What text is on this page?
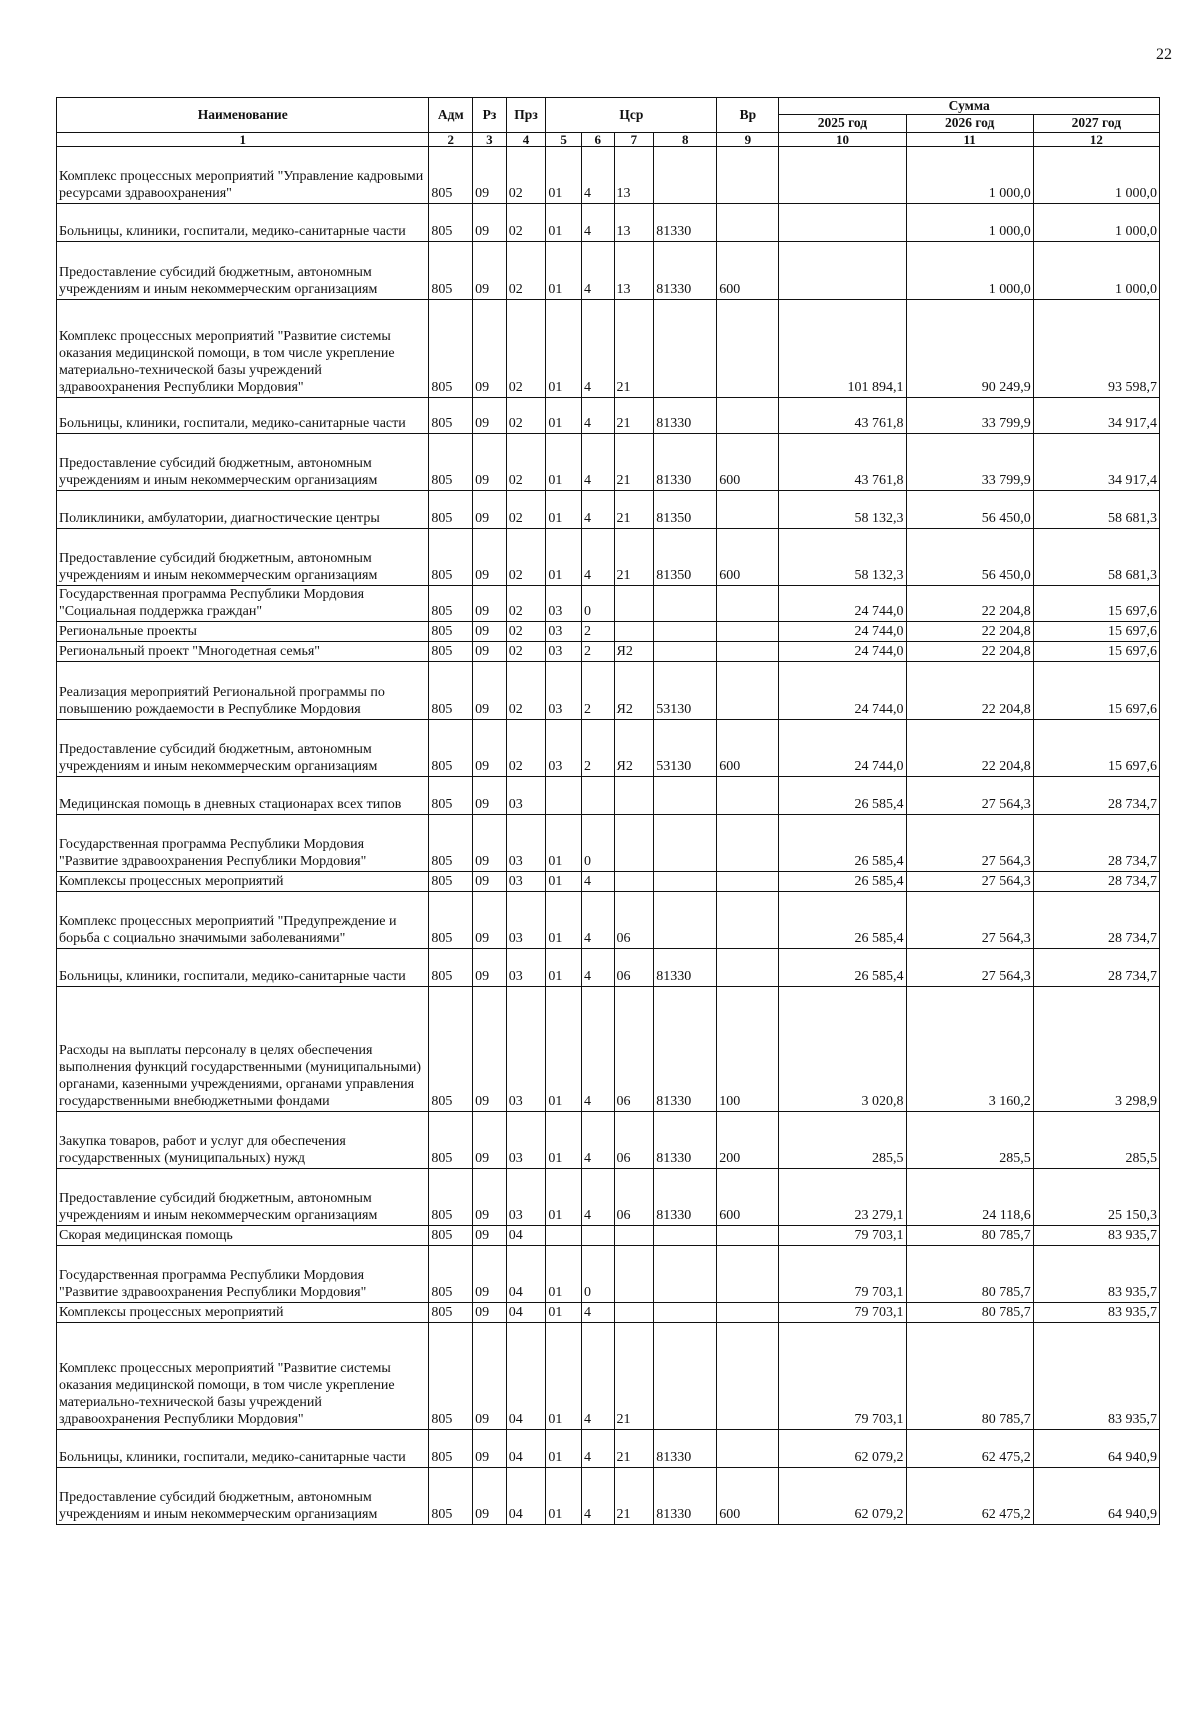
22
Наименование	Адм	Рз	Прз	Цср				Вр	Сумма		
									2025 год	2026 год	2027 год
1	2	3	4	5	6	7	8	9	10	11	12
Комплекс процессных мероприятий "Управление кадровыми ресурсами здравоохранения"	805	09	02	01	4	13				1 000,0	1 000,0
Больницы, клиники, госпитали, медико-санитарные части	805	09	02	01	4	13	81330			1 000,0	1 000,0
Предоставление субсидий бюджетным, автономным учреждениям и иным некоммерческим организациям	805	09	02	01	4	13	81330	600		1 000,0	1 000,0
Комплекс процессных мероприятий "Развитие системы оказания медицинской помощи, в том числе укрепление материально-технической базы учреждений здравоохранения Республики Мордовия"	805	09	02	01	4	21			101 894,1	90 249,9	93 598,7
Больницы, клиники, госпитали, медико-санитарные части	805	09	02	01	4	21	81330		43 761,8	33 799,9	34 917,4
Предоставление субсидий бюджетным, автономным учреждениям и иным некоммерческим организациям	805	09	02	01	4	21	81330	600	43 761,8	33 799,9	34 917,4
Поликлиники, амбулатории, диагностические центры	805	09	02	01	4	21	81350		58 132,3	56 450,0	58 681,3
Предоставление субсидий бюджетным, автономным учреждениям и иным некоммерческим организациям	805	09	02	01	4	21	81350	600	58 132,3	56 450,0	58 681,3
Государственная программа Республики Мордовия "Социальная поддержка граждан"	805	09	02	03	0				24 744,0	22 204,8	15 697,6
Региональные проекты	805	09	02	03	2				24 744,0	22 204,8	15 697,6
Региональный проект "Многодетная семья"	805	09	02	03	2	Я2			24 744,0	22 204,8	15 697,6
Реализация мероприятий Региональной программы по повышению рождаемости в Республике Мордовия	805	09	02	03	2	Я2	53130		24 744,0	22 204,8	15 697,6
Предоставление субсидий бюджетным, автономным учреждениям и иным некоммерческим организациям	805	09	02	03	2	Я2	53130	600	24 744,0	22 204,8	15 697,6
Медицинская помощь в дневных стационарах всех типов	805	09	03						26 585,4	27 564,3	28 734,7
Государственная программа Республики Мордовия "Развитие здравоохранения Республики Мордовия"	805	09	03	01	0				26 585,4	27 564,3	28 734,7
Комплексы процессных мероприятий	805	09	03	01	4				26 585,4	27 564,3	28 734,7
Комплекс процессных мероприятий "Предупреждение и борьба с социально значимыми заболеваниями"	805	09	03	01	4	06			26 585,4	27 564,3	28 734,7
Больницы, клиники, госпитали, медико-санитарные части	805	09	03	01	4	06	81330		26 585,4	27 564,3	28 734,7
Расходы на выплаты персоналу в целях обеспечения выполнения функций государственными (муниципальными) органами, казенными учреждениями, органами управления государственными внебюджетными фондами	805	09	03	01	4	06	81330	100	3 020,8	3 160,2	3 298,9
Закупка товаров, работ и услуг для обеспечения государственных (муниципальных) нужд	805	09	03	01	4	06	81330	200	285,5	285,5	285,5
Предоставление субсидий бюджетным, автономным учреждениям и иным некоммерческим организациям	805	09	03	01	4	06	81330	600	23 279,1	24 118,6	25 150,3
Скорая медицинская помощь	805	09	04						79 703,1	80 785,7	83 935,7
Государственная программа Республики Мордовия "Развитие здравоохранения Республики Мордовия"	805	09	04	01	0				79 703,1	80 785,7	83 935,7
Комплексы процессных мероприятий	805	09	04	01	4				79 703,1	80 785,7	83 935,7
Комплекс процессных мероприятий "Развитие системы оказания медицинской помощи, в том числе укрепление материально-технической базы учреждений здравоохранения Республики Мордовия"	805	09	04	01	4	21			79 703,1	80 785,7	83 935,7
Больницы, клиники, госпитали, медико-санитарные части	805	09	04	01	4	21	81330		62 079,2	62 475,2	64 940,9
Предоставление субсидий бюджетным, автономным учреждениям и иным некоммерческим организациям	805	09	04	01	4	21	81330	600	62 079,2	62 475,2	64 940,9
